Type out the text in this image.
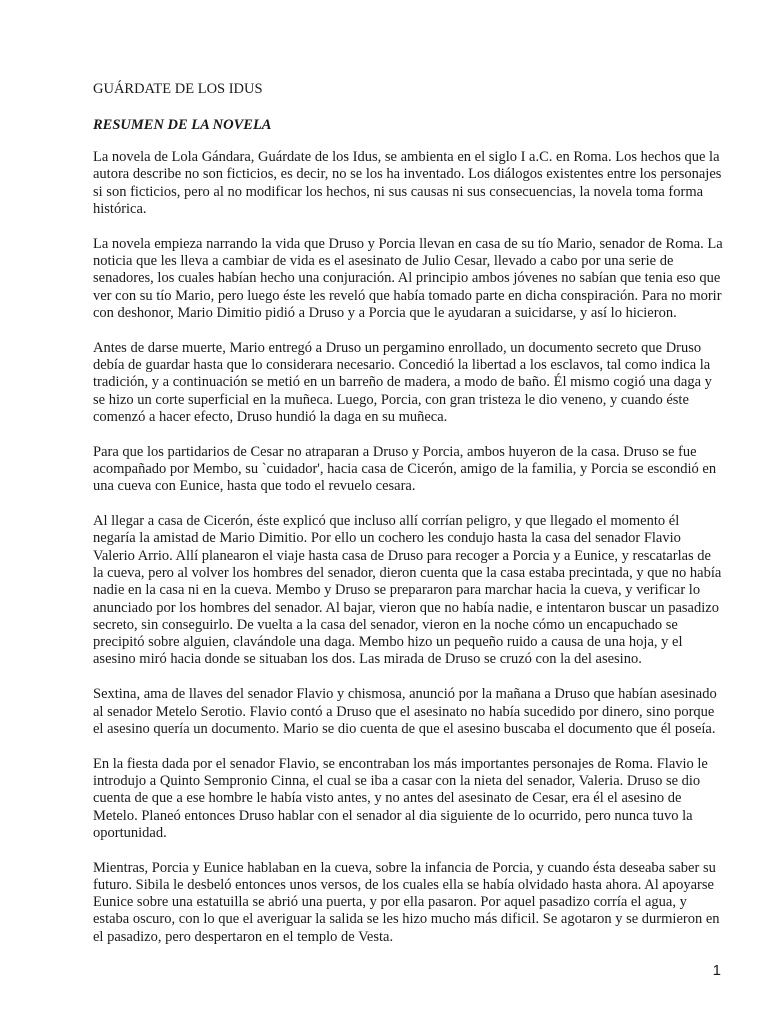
GUÁRDATE DE LOS IDUS
RESUMEN DE LA NOVELA

La novela de Lola Gándara, Guárdate de los Idus, se ambienta en el siglo I a.C. en Roma. Los hechos que la autora describe no son ficticios, es decir, no se los ha inventado. Los diálogos existentes entre los personajes si son ficticios, pero al no modificar los hechos, ni sus causas ni sus consecuencias, la novela toma forma histórica.

La novela empieza narrando la vida que Druso y Porcia llevan en casa de su tío Mario, senador de Roma. La noticia que les lleva a cambiar de vida es el asesinato de Julio Cesar, llevado a cabo por una serie de senadores, los cuales habían hecho una conjuración. Al principio ambos jóvenes no sabían que tenia eso que ver con su tío Mario, pero luego éste les reveló que había tomado parte en dicha conspiración. Para no morir con deshonor, Mario Dimitio pidió a Druso y a Porcia que le ayudaran a suicidarse, y así lo hicieron.

Antes de darse muerte, Mario entregó a Druso un pergamino enrollado, un documento secreto que Druso debía de guardar hasta que lo considerara necesario. Concedió la libertad a los esclavos, tal como indica la tradición, y a continuación se metió en un barreño de madera, a modo de baño. Él mismo cogió una daga y se hizo un corte superficial en la muñeca. Luego, Porcia, con gran tristeza le dio veneno, y cuando éste comenzó a hacer efecto, Druso hundió la daga en su muñeca.

Para que los partidarios de Cesar no atraparan a Druso y Porcia, ambos huyeron de la casa. Druso se fue acompañado por Membo, su `cuidador', hacia casa de Cicerón, amigo de la familia, y Porcia se escondió en una cueva con Eunice, hasta que todo el revuelo cesara.

Al llegar a casa de Cicerón, éste explicó que incluso allí corrían peligro, y que llegado el momento él negaría la amistad de Mario Dimitio. Por ello un cochero les condujo hasta la casa del senador Flavio Valerio Arrio. Allí planearon el viaje hasta casa de Druso para recoger a Porcia y a Eunice, y rescatarlas de la cueva, pero al volver los hombres del senador, dieron cuenta que la casa estaba precintada, y que no había nadie en la casa ni en la cueva. Membo y Druso se prepararon para marchar hacia la cueva, y verificar lo anunciado por los hombres del senador. Al bajar, vieron que no había nadie, e intentaron buscar un pasadizo secreto, sin conseguirlo. De vuelta a la casa del senador, vieron en la noche cómo un encapuchado se precipitó sobre alguien, clavándole una daga. Membo hizo un pequeño ruido a causa de una hoja, y el asesino miró hacia donde se situaban los dos. Las mirada de Druso se cruzó con la del asesino.

Sextina, ama de llaves del senador Flavio y chismosa, anunció por la mañana a Druso que habían asesinado al senador Metelo Serotio. Flavio contó a Druso que el asesinato no había sucedido por dinero, sino porque el asesino quería un documento. Mario se dio cuenta de que el asesino buscaba el documento que él poseía.

En la fiesta dada por el senador Flavio, se encontraban los más importantes personajes de Roma. Flavio le introdujo a Quinto Sempronio Cinna, el cual se iba a casar con la nieta del senador, Valeria. Druso se dio cuenta de que a ese hombre le había visto antes, y no antes del asesinato de Cesar, era él el asesino de Metelo. Planeó entonces Druso hablar con el senador al dia siguiente de lo ocurrido, pero nunca tuvo la oportunidad.

Mientras, Porcia y Eunice hablaban en la cueva, sobre la infancia de Porcia, y cuando ésta deseaba saber su futuro. Sibila le desbeló entonces unos versos, de los cuales ella se había olvidado hasta ahora. Al apoyarse Eunice sobre una estatuilla se abrió una puerta, y por ella pasaron. Por aquel pasadizo corría el agua, y estaba oscuro, con lo que el averiguar la salida se les hizo mucho más dificil. Se agotaron y se durmieron en el pasadizo, pero despertaron en el templo de Vesta.

1
